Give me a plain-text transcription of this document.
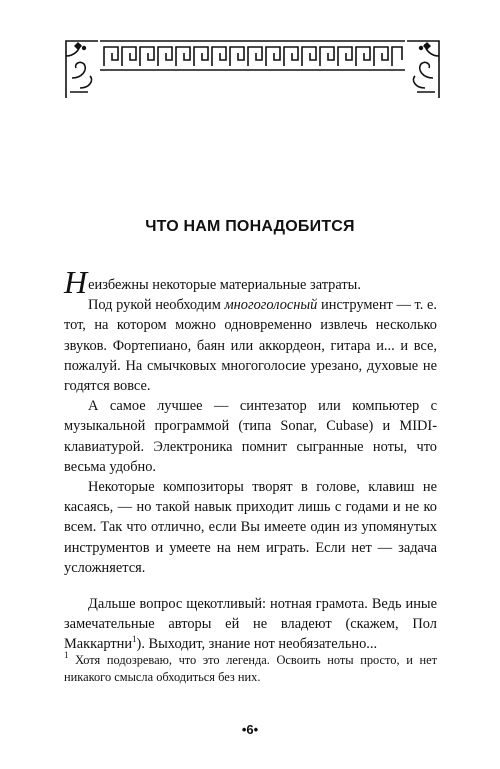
ЧТО НАМ ПОНАДОБИТСЯ

Неизбежны некоторые материальные затраты.

Под рукой необходим многоголосный инструмент — т. е. тот, на котором можно одновременно извлечь несколько звуков. Фортепиано, баян или аккордеон, гитара и... и все, пожалуй. На смычковых многоголосие урезано, духовые не годятся вовсе.

А самое лучшее — синтезатор или компьютер с музыкальной программой (типа Sonar, Cubase) и MIDI-клавиатурой. Электроника помнит сыгранные ноты, что весьма удобно.

Некоторые композиторы творят в голове, клавиш не касаясь, — но такой навык приходит лишь с годами и не ко всем. Так что отлично, если Вы имеете один из упомянутых инструментов и умеете на нем играть. Если нет — задача усложняется.

Дальше вопрос щекотливый: нотная грамота. Ведь иные замечательные авторы ей не владеют (скажем, Пол Маккартни$^1$). Выходит, знание нот необязательно...

$^1$ Хотя подозреваю, что это легенда. Освоить ноты просто, и нет никакого смысла обходиться без них.
•6•
